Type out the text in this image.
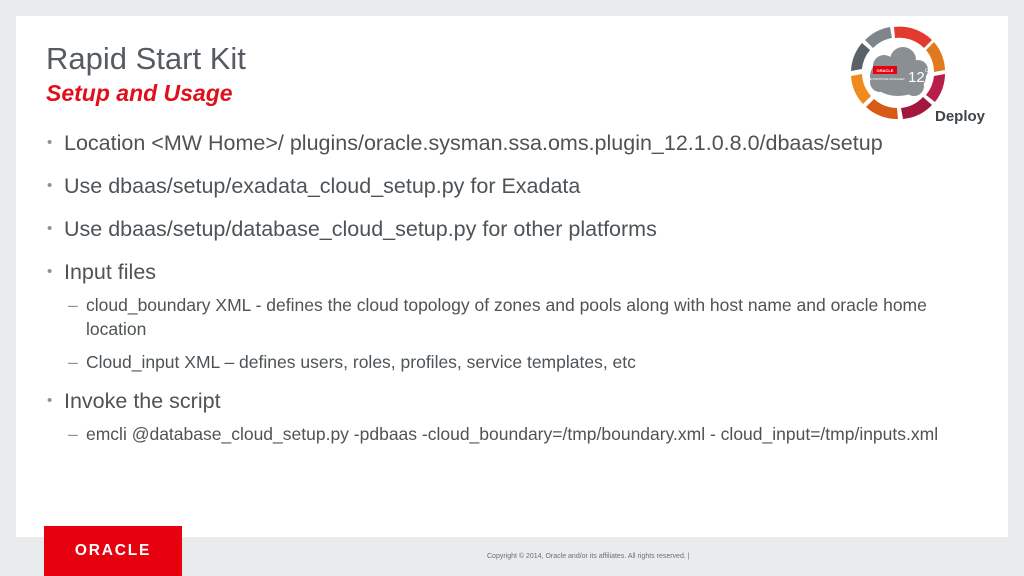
Rapid Start Kit
Setup and Usage
ORACLE
ENTERPRISE MANAGER 12 c
Deploy
• Location <MW Home>/ plugins/oracle.sysman.ssa.oms.plugin_12.1.0.8.0/dbaas/setup
• Use dbaas/setup/exadata_cloud_setup.py for Exadata
• Use dbaas/setup/database_cloud_setup.py for other platforms
• Input files
– cloud_boundary XML - defines the cloud topology of zones and pools along with host name and oracle home location
– Cloud_input XML – defines users, roles, profiles, service templates, etc
• Invoke the script
– emcli @database_cloud_setup.py -pdbaas -cloud_boundary=/tmp/boundary.xml - cloud_input=/tmp/inputs.xml
ORACLE	Copyright © 2014, Oracle and/or its affiliates. All rights reserved. |
